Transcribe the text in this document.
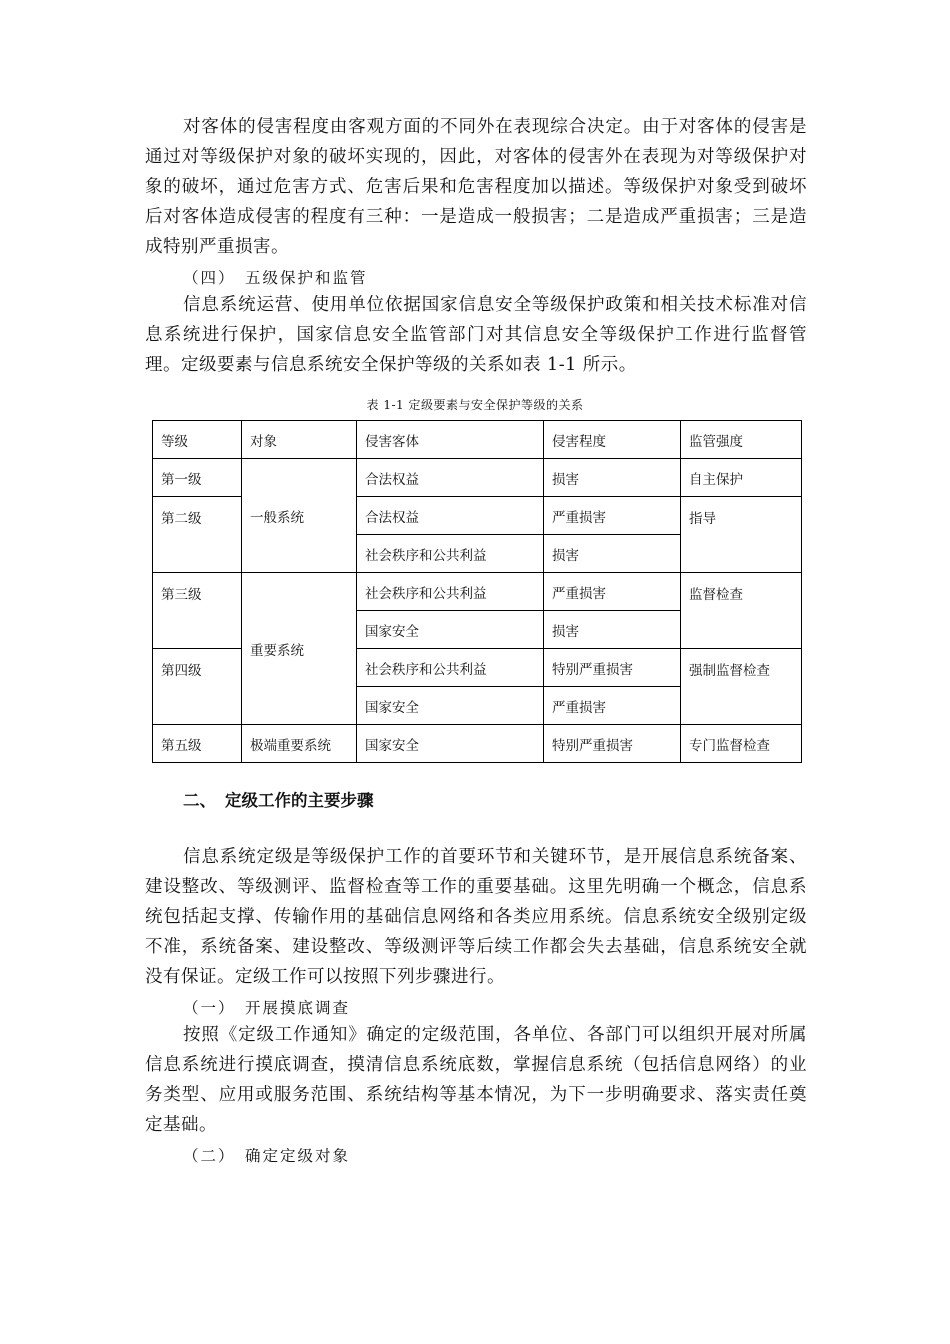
对客体的侵害程度由客观方面的不同外在表现综合决定。由于对客体的侵害是通过对等级保护对象的破坏实现的，因此，对客体的侵害外在表现为对等级保护对象的破坏，通过危害方式、危害后果和危害程度加以描述。等级保护对象受到破坏后对客体造成侵害的程度有三种：一是造成一般损害；二是造成严重损害；三是造成特别严重损害。

（四） 五级保护和监管

信息系统运营、使用单位依据国家信息安全等级保护政策和相关技术标准对信息系统进行保护，国家信息安全监管部门对其信息安全等级保护工作进行监督管理。定级要素与信息系统安全保护等级的关系如表 1-1 所示。

表 1-1 定级要素与安全保护等级的关系

等级	对象	侵害客体	侵害程度	监管强度
第一级	一般系统	合法权益	损害	自主保护
第二级		合法权益	严重损害	指导
		社会秩序和公共利益	损害	
第三级	重要系统	社会秩序和公共利益	严重损害	监督检查
		国家安全	损害	
第四级		社会秩序和公共利益	特别严重损害	强制监督检查
		国家安全	严重损害	
第五级	极端重要系统	国家安全	特别严重损害	专门监督检查

二、 定级工作的主要步骤

信息系统定级是等级保护工作的首要环节和关键环节，是开展信息系统备案、建设整改、等级测评、监督检查等工作的重要基础。这里先明确一个概念，信息系统包括起支撑、传输作用的基础信息网络和各类应用系统。信息系统安全级别定级不准，系统备案、建设整改、等级测评等后续工作都会失去基础，信息系统安全就没有保证。定级工作可以按照下列步骤进行。

（一） 开展摸底调查

按照《定级工作通知》确定的定级范围，各单位、各部门可以组织开展对所属信息系统进行摸底调查，摸清信息系统底数，掌握信息系统（包括信息网络）的业务类型、应用或服务范围、系统结构等基本情况，为下一步明确要求、落实责任奠定基础。

（二） 确定定级对象
